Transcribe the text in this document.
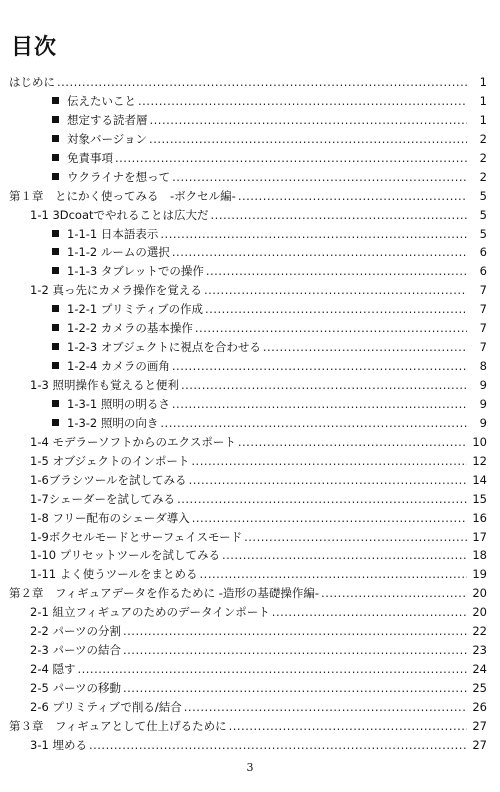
目次
はじめに .....	1
伝えたいこと .....	1
想定する読者層 .....	1
対象バージョン .....	2
免責事項 .....	2
ウクライナを想って .....	2
第１章　とにかく使ってみる　-ボクセル編- .....	5
1-1 3Dcoatでやれることは広大だ .....	5
1-1-1 日本語表示 .....	5
1-1-2 ルームの選択 .....	6
1-1-3 タブレットでの操作 .....	6
1-2 真っ先にカメラ操作を覚える .....	7
1-2-1 プリミティブの作成 .....	7
1-2-2 カメラの基本操作 .....	7
1-2-3 オブジェクトに視点を合わせる .....	7
1-2-4 カメラの画角 .....	8
1-3 照明操作も覚えると便利 .....	9
1-3-1 照明の明るさ .....	9
1-3-2 照明の向き .....	9
1-4 モデラーソフトからのエクスポート .....	10
1-5 オブジェクトのインポート .....	12
1-6ブラシツールを試してみる .....	14
1-7シェーダーを試してみる .....	15
1-8 フリー配布のシェーダ導入 .....	16
1-9ボクセルモードとサーフェイスモード .....	17
1-10 プリセットツールを試してみる .....	18
1-11 よく使うツールをまとめる .....	19
第２章　フィギュアデータを作るために -造形の基礎操作編- .....	20
2-1 組立フィギュアのためのデータインポート .....	20
2-2 パーツの分割 .....	22
2-3 パーツの結合 .....	23
2-4 隠す .....	24
2-5 パーツの移動 .....	25
2-6 プリミティブで削る/結合 .....	26
第３章　フィギュアとして仕上げるために .....	27
3-1 埋める .....	27
3
